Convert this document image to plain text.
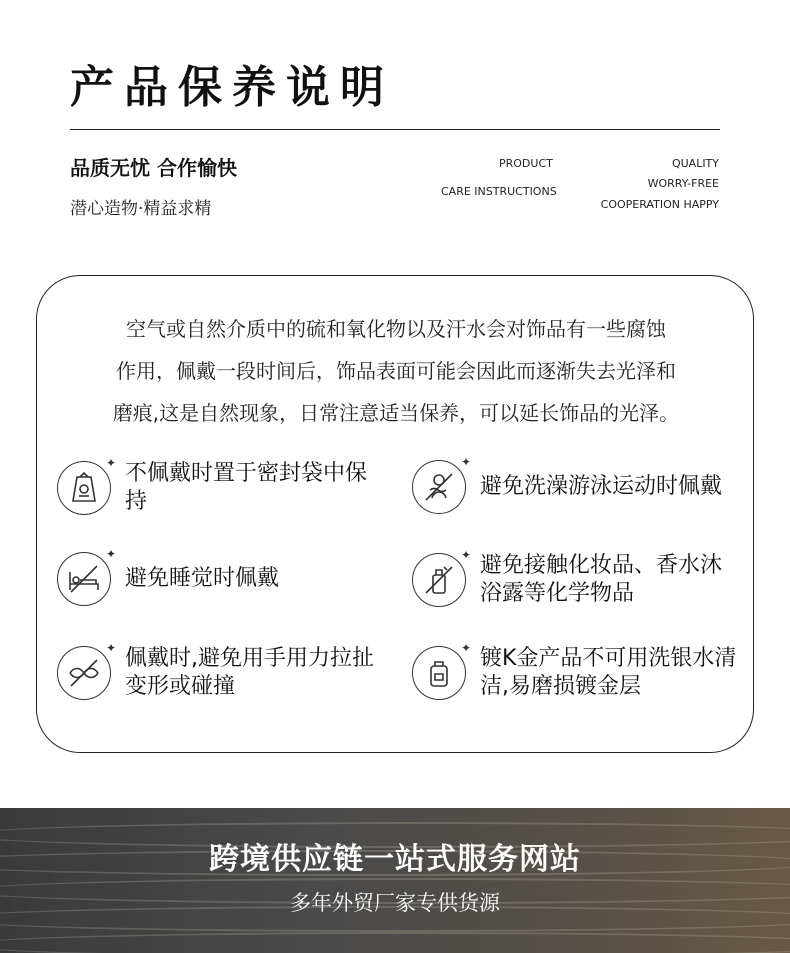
产品保养说明
品质无忧 合作愉快
潜心造物·精益求精
PRODUCT
CARE INSTRUCTIONS
QUALITY
WORRY-FREE
COOPERATION HAPPY

空气或自然介质中的硫和氧化物以及汗水会对饰品有一些腐蚀
作用，佩戴一段时间后，饰品表面可能会因此而逐渐失去光泽和
磨痕,这是自然现象，日常注意适当保养，可以延长饰品的光泽。

✦ 不佩戴时置于密封袋中保持
✦
避免洗澡游泳运动时佩戴
✦
避免睡觉时佩戴
✦ 避免接触化妆品、香水沐浴露等化学物品
✦ 佩戴时,避免用手用力拉扯变形或碰撞
✦ 镀K金产品不可用洗银水清洁,易磨损镀金层
跨境供应链一站式服务网站
多年外贸厂家专供货源
